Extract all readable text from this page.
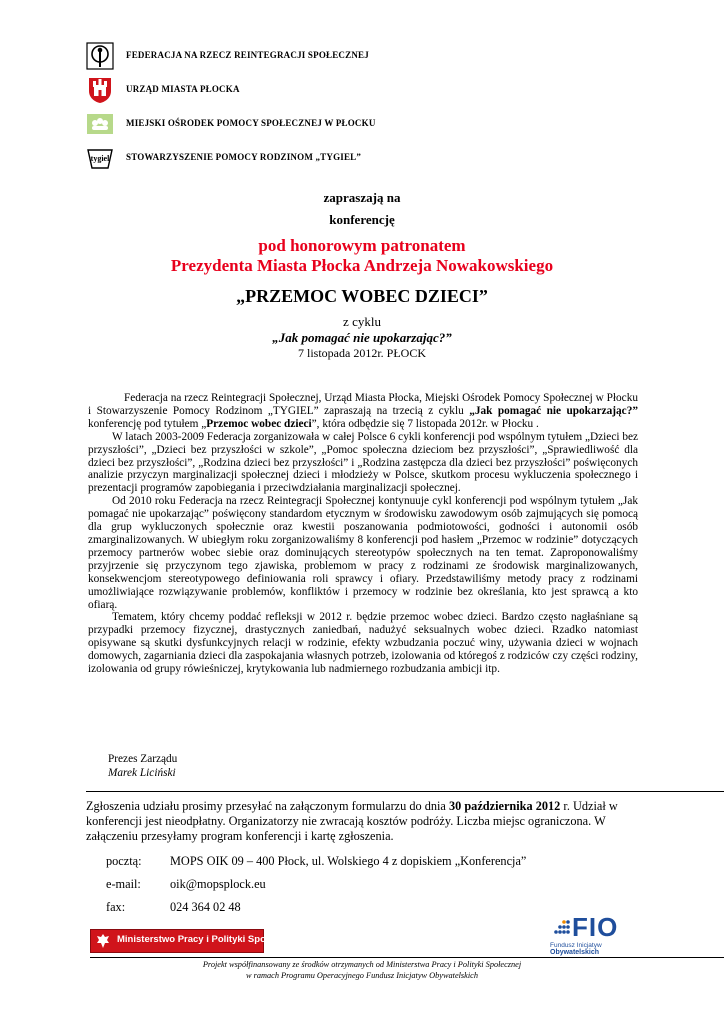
FEDERACJA NA RZECZ REINTEGRACJI SPOŁECZNEJ
URZĄD MIASTA PŁOCKA
MIEJSKI OŚRODEK POMOCY SPOŁECZNEJ W PŁOCKU
tygiel STOWARZYSZENIE POMOCY RODZINOM „TYGIEL”
zapraszają na
konferencję
pod honorowym patronatem
Prezydenta Miasta Płocka Andrzeja Nowakowskiego
„PRZEMOC WOBEC DZIECI”
z cyklu
„Jak pomagać nie upokarzając?”
7 listopada 2012r. PŁOCK

Federacja na rzecz Reintegracji Społecznej, Urząd Miasta Płocka, Miejski Ośrodek Pomocy Społecznej w Płocku i Stowarzyszenie Pomocy Rodzinom „TYGIEL” zapraszają na trzecią z cyklu „Jak pomagać nie upokarzając?” konferencję pod tytułem „Przemoc wobec dzieci”, która odbędzie się 7 listopada 2012r. w Płocku .

W latach 2003-2009 Federacja zorganizowała w całej Polsce 6 cykli konferencji pod wspólnym tytułem „Dzieci bez przyszłości”, „Dzieci bez przyszłości w szkole”, „Pomoc społeczna dzieciom bez przyszłości”, „Sprawiedliwość dla dzieci bez przyszłości”, „Rodzina dzieci bez przyszłości” i „Rodzina zastępcza dla dzieci bez przyszłości” poświęconych analizie przyczyn marginalizacji społecznej dzieci i młodzieży w Polsce, skutkom procesu wykluczenia społecznego i prezentacji programów zapobiegania i przeciwdziałania marginalizacji społecznej.

Od 2010 roku Federacja na rzecz Reintegracji Społecznej kontynuuje cykl konferencji pod wspólnym tytułem „Jak pomagać nie upokarzając” poświęcony standardom etycznym w środowisku zawodowym osób zajmujących się pomocą dla grup wykluczonych społecznie oraz kwestii poszanowania podmiotowości, godności i autonomii osób zmarginalizowanych. W ubiegłym roku zorganizowaliśmy 8 konferencji pod hasłem „Przemoc w rodzinie” dotyczących przemocy partnerów wobec siebie oraz dominujących stereotypów społecznych na ten temat. Zaproponowaliśmy przyjrzenie się przyczynom tego zjawiska, problemom w pracy z rodzinami ze środowisk marginalizowanych, konsekwencjom stereotypowego definiowania roli sprawcy i ofiary. Przedstawiliśmy metody pracy z rodzinami umożliwiające rozwiązywanie problemów, konfliktów i przemocy w rodzinie bez określania, kto jest sprawcą a kto ofiarą.

Tematem, który chcemy poddać refleksji w 2012 r. będzie przemoc wobec dzieci. Bardzo często nagłaśniane są przypadki przemocy fizycznej, drastycznych zaniedbań, nadużyć seksualnych wobec dzieci. Rzadko natomiast opisywane są skutki dysfunkcyjnych relacji w rodzinie, efekty wzbudzania poczuć winy, używania dzieci w wojnach domowych, zagarniania dzieci dla zaspokajania własnych potrzeb, izolowania od któregoś z rodziców czy części rodziny, izolowania od grupy rówieśniczej, krytykowania lub nadmiernego rozbudzania ambicji itp.

Prezes Zarządu
Marek Liciński
Zgłoszenia udziału prosimy przesyłać na załączonym formularzu do dnia 30 października 2012 r. Udział w konferencji jest nieodpłatny. Organizatorzy nie zwracają kosztów podróży. Liczba miejsc ograniczona. W załączeniu przesyłamy program konferencji i kartę zgłoszenia.
pocztą: MOPS OIK 09 – 400 Płock, ul. Wolskiego 4 z dopiskiem „Konferencja”
e-mail: oik@mopsplock.eu
fax:	024 364 02 48
Ministerstwo Pracy i Polityki Społecznej	FIO
Fundusz Inicjatyw
Obywatelskich
Projekt współfinansowany ze środków otrzymanych od Ministerstwa Pracy i Polityki Społecznej
w ramach Programu Operacyjnego Fundusz Inicjatyw Obywatelskich
